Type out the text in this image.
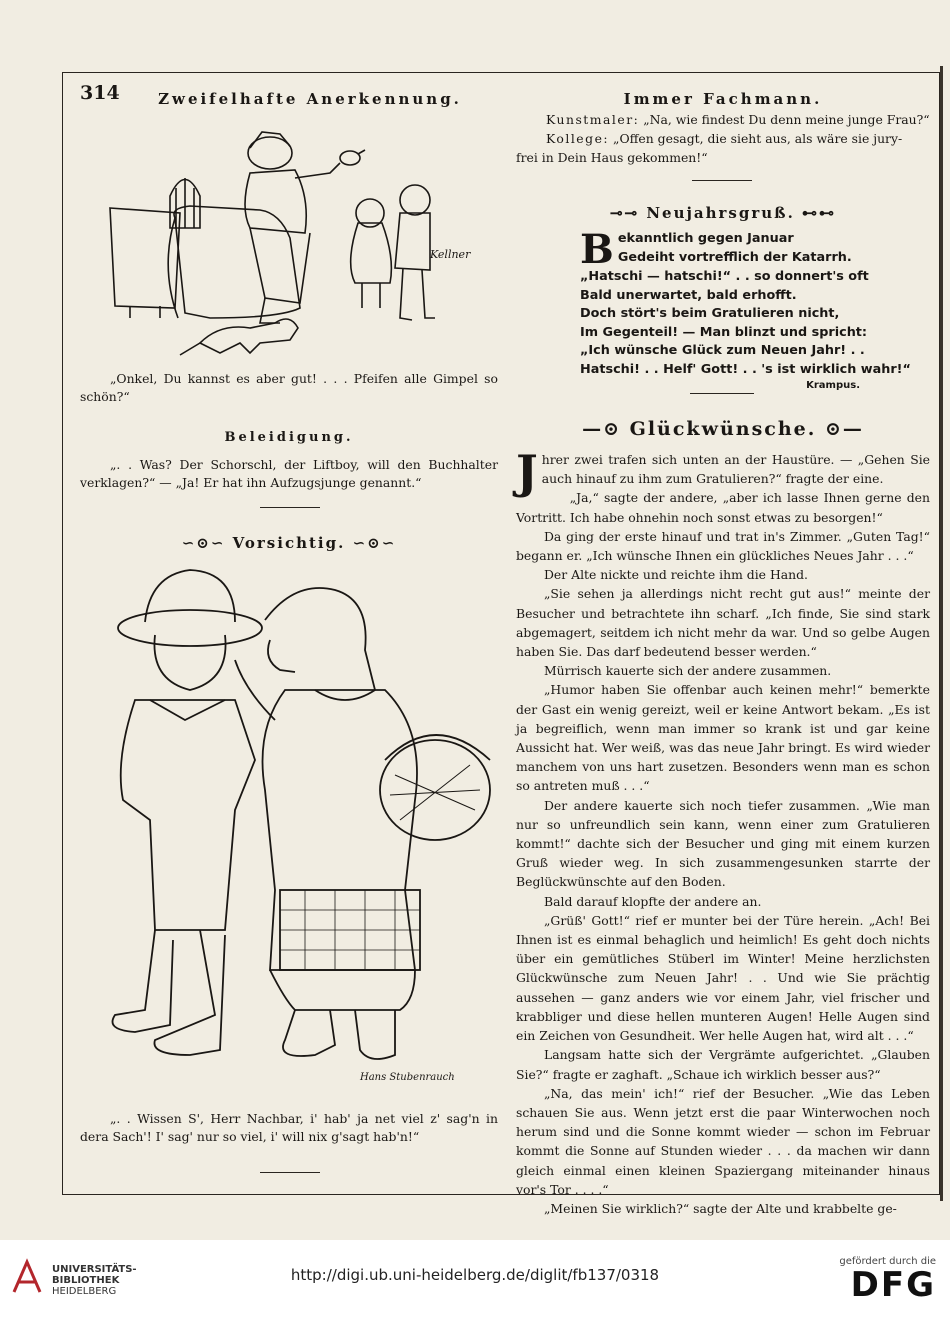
314	Zweifelhafte Anerkennung.
Kellner
„Onkel, Du kannst es aber gut! . . . Pfeifen alle Gimpel so schön?“
Beleidigung.
„. . Was? Der Schorschl, der Liftboy, will den Buchhalter verklagen?“ — „Ja! Er hat ihn Aufzugsjunge genannt.“
∽⊙∽ Vorsichtig. ∽⊙∽
Hans Stubenrauch
„. . Wissen S', Herr Nachbar, i' hab' ja net viel z' sag'n in dera Sach'! I' sag' nur so viel, i' will nix g'sagt hab'n!“
Immer Fachmann.
Kunstmaler: „Na, wie findest Du denn meine junge Frau?“
Kollege: „Offen gesagt, die sieht aus, als wäre sie jury-
frei in Dein Haus gekommen!“
⊸⊸ Neujahrsgruß. ⊷⊷
B ekanntlich gegen Januar
Gedeiht vortrefflich der Katarrh.
„Hatschi — hatschi!“ . . so donnert's oft
Bald unerwartet, bald erhofft.
Doch stört's beim Gratulieren nicht,
Im Gegenteil! — Man blinzt und spricht:
„Ich wünsche Glück zum Neuen Jahr! . .
Hatschi! . . Helf' Gott! . . 's ist wirklich wahr!“
Krampus.
—⊙ Glückwünsche. ⊙—

Jhrer zwei trafen sich unten an der Haustüre. — „Gehen Sie auch hinauf zu ihm zum Gratulieren?“ fragte der eine.

„Ja,“ sagte der andere, „aber ich lasse Ihnen gerne den Vortritt. Ich habe ohnehin noch sonst etwas zu besorgen!“

Da ging der erste hinauf und trat in's Zimmer. „Guten Tag!“ begann er. „Ich wünsche Ihnen ein glückliches Neues Jahr . . .“

Der Alte nickte und reichte ihm die Hand.

„Sie sehen ja allerdings nicht recht gut aus!“ meinte der Besucher und betrachtete ihn scharf. „Ich finde, Sie sind stark abgemagert, seitdem ich nicht mehr da war. Und so gelbe Augen haben Sie. Das darf bedeutend besser werden.“

Mürrisch kauerte sich der andere zusammen.

„Humor haben Sie offenbar auch keinen mehr!“ bemerkte der Gast ein wenig gereizt, weil er keine Antwort bekam. „Es ist ja begreiflich, wenn man immer so krank ist und gar keine Aussicht hat. Wer weiß, was das neue Jahr bringt. Es wird wieder manchem von uns hart zusetzen. Besonders wenn man es schon so antreten muß . . .“

Der andere kauerte sich noch tiefer zusammen. „Wie man nur so unfreundlich sein kann, wenn einer zum Gratulieren kommt!“ dachte sich der Besucher und ging mit einem kurzen Gruß wieder weg. In sich zusammengesunken starrte der Beglückwünschte auf den Boden.

Bald darauf klopfte der andere an.

„Grüß' Gott!“ rief er munter bei der Türe herein. „Ach! Bei Ihnen ist es einmal behaglich und heimlich! Es geht doch nichts über ein gemütliches Stüberl im Winter! Meine herzlichsten Glückwünsche zum Neuen Jahr! . . Und wie Sie prächtig aussehen — ganz anders wie vor einem Jahr, viel frischer und krabbliger und diese hellen munteren Augen! Helle Augen sind ein Zeichen von Gesundheit. Wer helle Augen hat, wird alt . . .“

Langsam hatte sich der Vergrämte aufgerichtet. „Glauben Sie?“ fragte er zaghaft. „Schaue ich wirklich besser aus?“

„Na, das mein' ich!“ rief der Besucher. „Wie das Leben schauen Sie aus. Wenn jetzt erst die paar Winterwochen noch herum sind und die Sonne kommt wieder — schon im Februar kommt die Sonne auf Stunden wieder . . . da machen wir dann gleich einmal einen kleinen Spaziergang miteinander hinaus vor's Tor . . . .“

„Meinen Sie wirklich?“ sagte der Alte und krabbelte ge-

UNIVERSITÄTS-
BIBLIOTHEK
HEIDELBERG
http://digi.ub.uni-heidelberg.de/diglit/fb137/0318
gefördert durch die
DFG
